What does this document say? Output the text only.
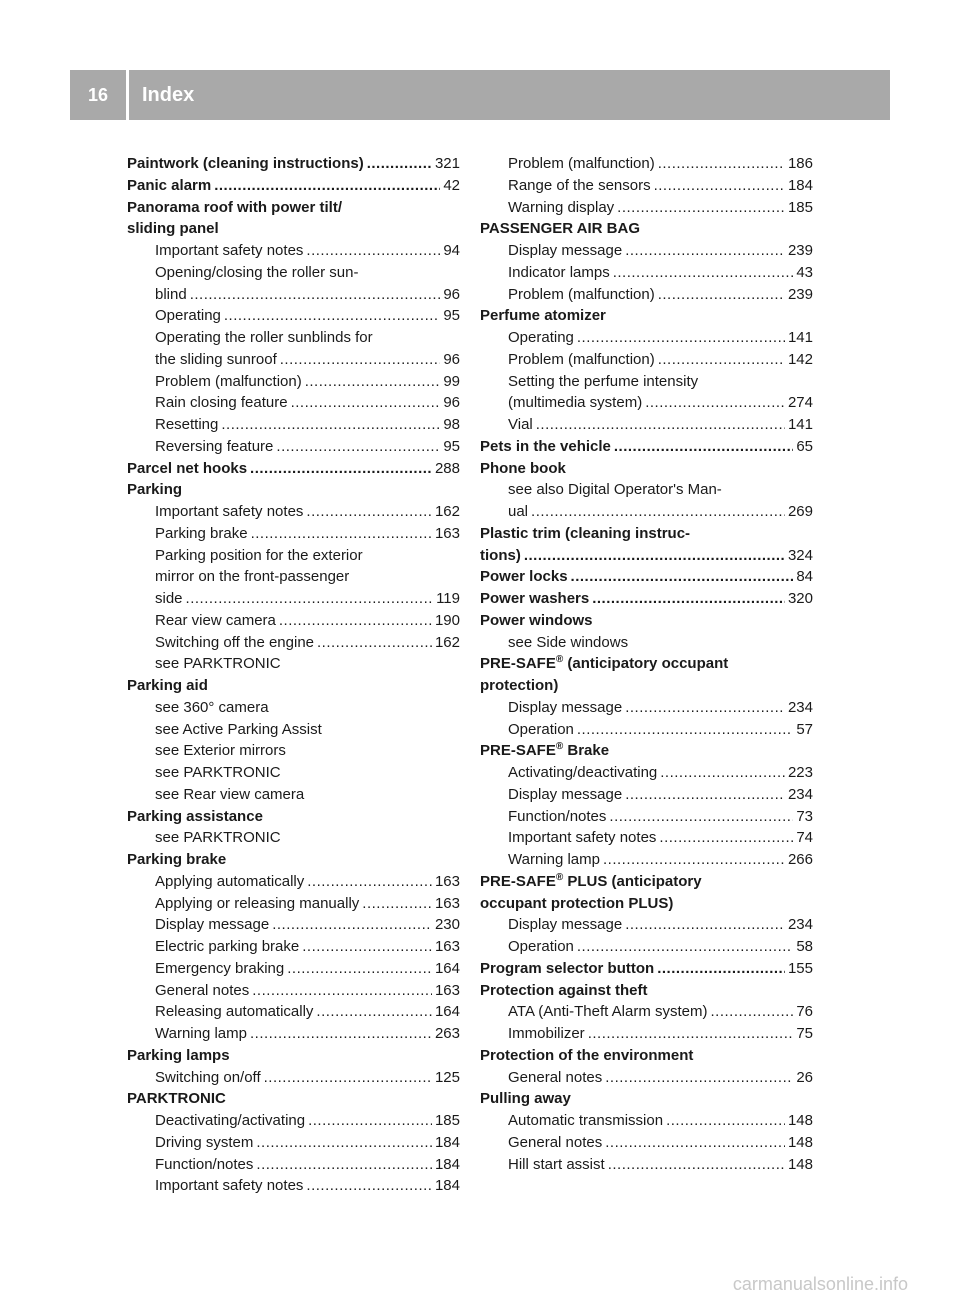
16	Index
Paintwork (cleaning instructions) .....	321
Panic alarm .....	42
Panorama roof with power tilt/
sliding panel
Important safety notes .....	94
Opening/closing the roller sun-
blind .....	96
Operating .....	95
Operating the roller sunblinds for
the sliding sunroof .....	96
Problem (malfunction) .....	99
Rain closing feature .....	96
Resetting .....	98
Reversing feature .....	95
Parcel net hooks .....	288
Parking
Important safety notes .....	162
Parking brake .....	163
Parking position for the exterior
mirror on the front-passenger
side .....	119
Rear view camera .....	190
Switching off the engine .....	162
see PARKTRONIC
Parking aid
see 360° camera
see Active Parking Assist
see Exterior mirrors
see PARKTRONIC
see Rear view camera
Parking assistance
see PARKTRONIC
Parking brake
Applying automatically .....	163
Applying or releasing manually .....	163
Display message .....	230
Electric parking brake .....	163
Emergency braking .....	164
General notes .....	163
Releasing automatically .....	164
Warning lamp .....	263
Parking lamps
Switching on/off .....	125
PARKTRONIC
Deactivating/activating .....	185
Driving system .....	184
Function/notes .....	184
Important safety notes .....	184
Problem (malfunction) .....	186
Range of the sensors .....	184
Warning display .....	185
PASSENGER AIR BAG
Display message .....	239
Indicator lamps .....	43
Problem (malfunction) .....	239
Perfume atomizer
Operating .....	141
Problem (malfunction) .....	142
Setting the perfume intensity
(multimedia system) .....	274
Vial .....	141
Pets in the vehicle .....	65
Phone book
see also Digital Operator's Man-
ual .....	269
Plastic trim (cleaning instruc-
tions) .....	324
Power locks .....	84
Power washers .....	320
Power windows
see Side windows
PRE-SAFE® (anticipatory occupant
protection)
Display message .....	234
Operation .....	57
PRE-SAFE® Brake
Activating/deactivating .....	223
Display message .....	234
Function/notes .....	73
Important safety notes .....	74
Warning lamp .....	266
PRE-SAFE® PLUS (anticipatory
occupant protection PLUS)
Display message .....	234
Operation .....	58
Program selector button .....	155
Protection against theft
ATA (Anti-Theft Alarm system) .....	76
Immobilizer .....	75
Protection of the environment
General notes .....	26
Pulling away
Automatic transmission .....	148
General notes .....	148
Hill start assist .....	148
carmanualsonline.info
